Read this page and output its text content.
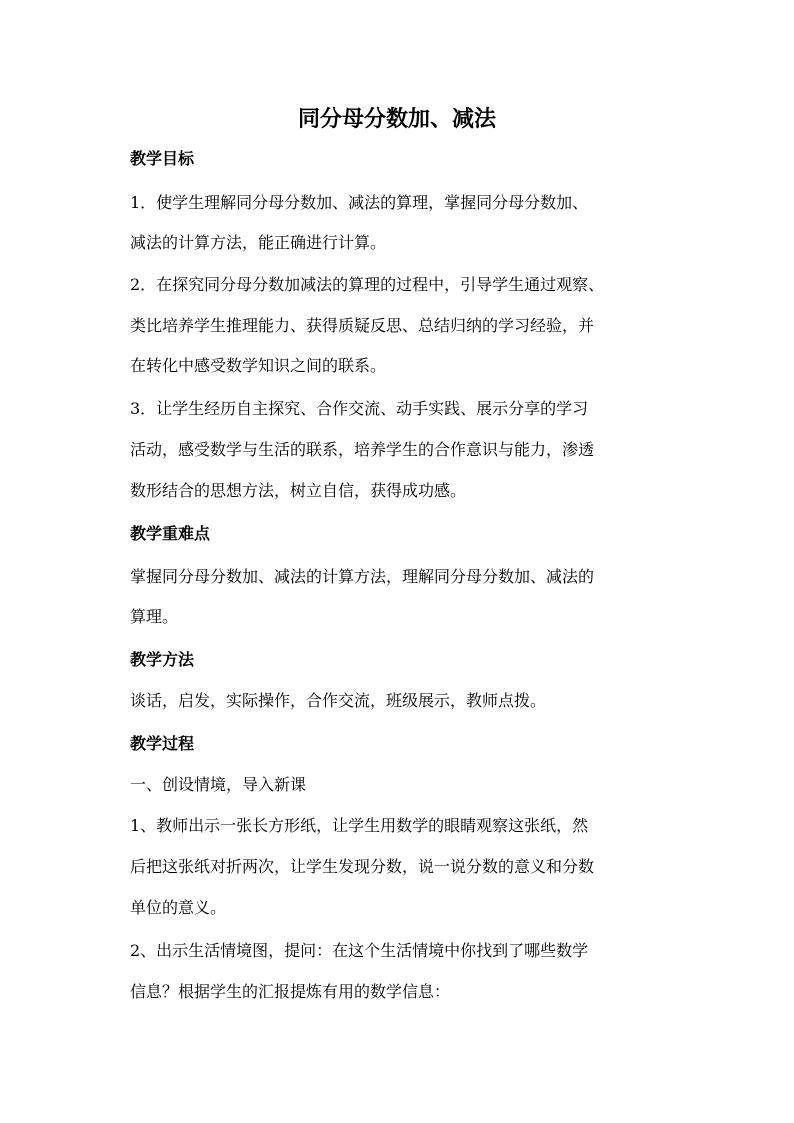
同分母分数加、减法
教学目标
1．使学生理解同分母分数加、减法的算理，掌握同分母分数加、
减法的计算方法，能正确进行计算。
2．在探究同分母分数加减法的算理的过程中，引导学生通过观察、
类比培养学生推理能力、获得质疑反思、总结归纳的学习经验，并
在转化中感受数学知识之间的联系。
3．让学生经历自主探究、合作交流、动手实践、展示分享的学习
活动，感受数学与生活的联系，培养学生的合作意识与能力，渗透
数形结合的思想方法，树立自信，获得成功感。
教学重难点
掌握同分母分数加、减法的计算方法，理解同分母分数加、减法的
算理。
教学方法
谈话，启发，实际操作，合作交流，班级展示，教师点拨。
教学过程
一、创设情境，导入新课
1、教师出示一张长方形纸，让学生用数学的眼睛观察这张纸，然
后把这张纸对折两次，让学生发现分数，说一说分数的意义和分数
单位的意义。
2、出示生活情境图，提问：在这个生活情境中你找到了哪些数学
信息？根据学生的汇报提炼有用的数学信息：
